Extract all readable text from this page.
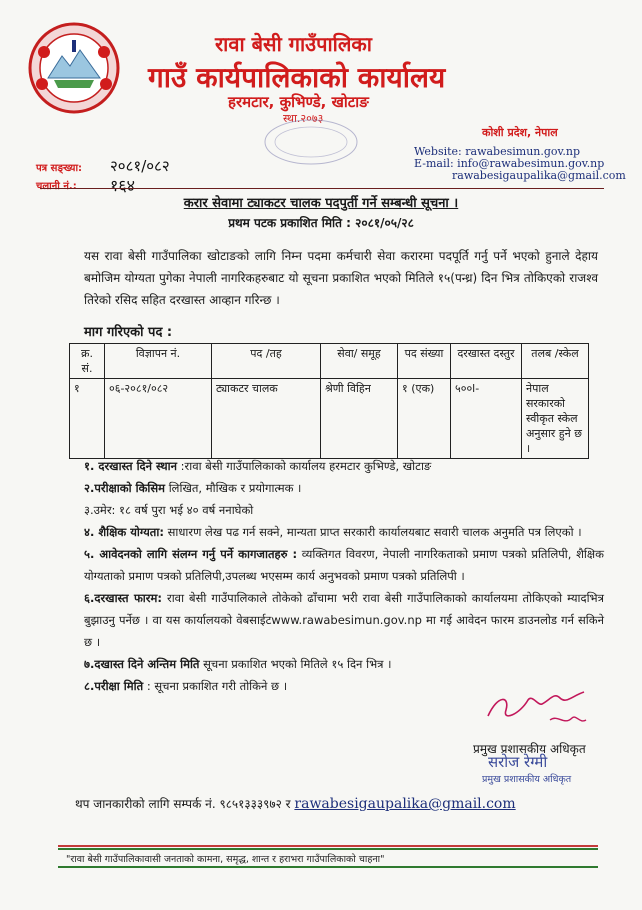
रावा बेसी गाउँपालिका
गाउँ कार्यपालिकाको कार्यालय
हरमटार, कुभिण्डे, खोटाङ
स्था.२०७३
कोशी प्रदेश, नेपाल
Website: rawabesimun.gov.np
E-mail: info@rawabesimun.gov.np
rawabesigaupalika@gmail.com
पत्र सङ्ख्या: २०८१/०८२
चलानी नं.: १६४
करार सेवामा ट्याकटर चालक पदपुर्ती गर्ने सम्बन्धी सूचना ।
प्रथम पटक प्रकाशित मिति : २०८१/०५/२८
यस रावा बेसी गाउँपालिका खोटाङको लागि निम्न पदमा कर्मचारी सेवा करारमा पदपूर्ति गर्नु पर्ने भएको हुनाले देहाय बमोजिम योग्यता पुगेका नेपाली नागरिकहरुबाट यो सूचना प्रकाशित भएको मितिले १५(पन्ध्र) दिन भित्र तोकिएको राजश्व तिरेको रसिद सहित दरखास्त आव्हान गरिन्छ ।
माग गरिएको पद :
क्र. सं.	विज्ञापन नं.	पद /तह	सेवा/ समूह	पद संख्या	दरखास्त दस्तुर	तलब /स्केल
१	०६-२०८१/०८२	ट्याकटर चालक	श्रेणी विहिन	१ (एक)	५००l-	नेपाल सरकारको स्वीकृत स्केल अनुसार हुने छ ।

१. दरखास्त दिने स्थान :रावा बेसी गाउँपालिकाको कार्यालय हरमटार कुभिण्डे, खोटाङ

२.परीक्षाको किसिम लिखित, मौखिक र प्रयोगात्मक ।

३.उमेर: १८ वर्ष पुरा भई ४० वर्ष ननाघेको

४. शैक्षिक योग्यता: साधारण लेख पढ गर्न सक्ने, मान्यता प्राप्त सरकारी कार्यालयबाट सवारी चालक अनुमति पत्र लिएको ।

५. आवेदनको लागि संलग्न गर्नु पर्ने कागजातहरु : व्यक्तिगत विवरण, नेपाली नागरिकताको प्रमाण पत्रको प्रतिलिपी, शैक्षिक योग्यताको प्रमाण पत्रको प्रतिलिपी,उपलब्ध भएसम्म कार्य अनुभवको प्रमाण पत्रको प्रतिलिपी ।

६.दरखास्त फारम: रावा बेसी गाउँपालिकाले तोकेको ढाँचामा भरी रावा बेसी गाउँपालिकाको कार्यालयमा तोकिएको म्यादभित्र बुझाउनु पर्नेछ । वा यस कार्यालयको वेबसाईटwww.rawabesimun.gov.np मा गई आवेदन फारम डाउनलोड गर्न सकिने छ ।

७.दखास्त दिने अन्तिम मिति सूचना प्रकाशित भएको मितिले १५ दिन भित्र ।

८.परीक्षा मिति : सूचना प्रकाशित गरी तोकिने छ ।	२०८१०५२८
प्रमुख प्रशासकीय अधिकृत
सरोज रेग्मी
प्रमुख प्रशासकीय अधिकृत
थप जानकारीको लागि सम्पर्क नं. ९८५१३३३९७२ र rawabesigaupalika@gmail.com
"रावा बेसी गाउँपालिकावासी जनताको कामना, समृद्ध, शान्त र हराभरा गाउँपालिकाको चाहना"
